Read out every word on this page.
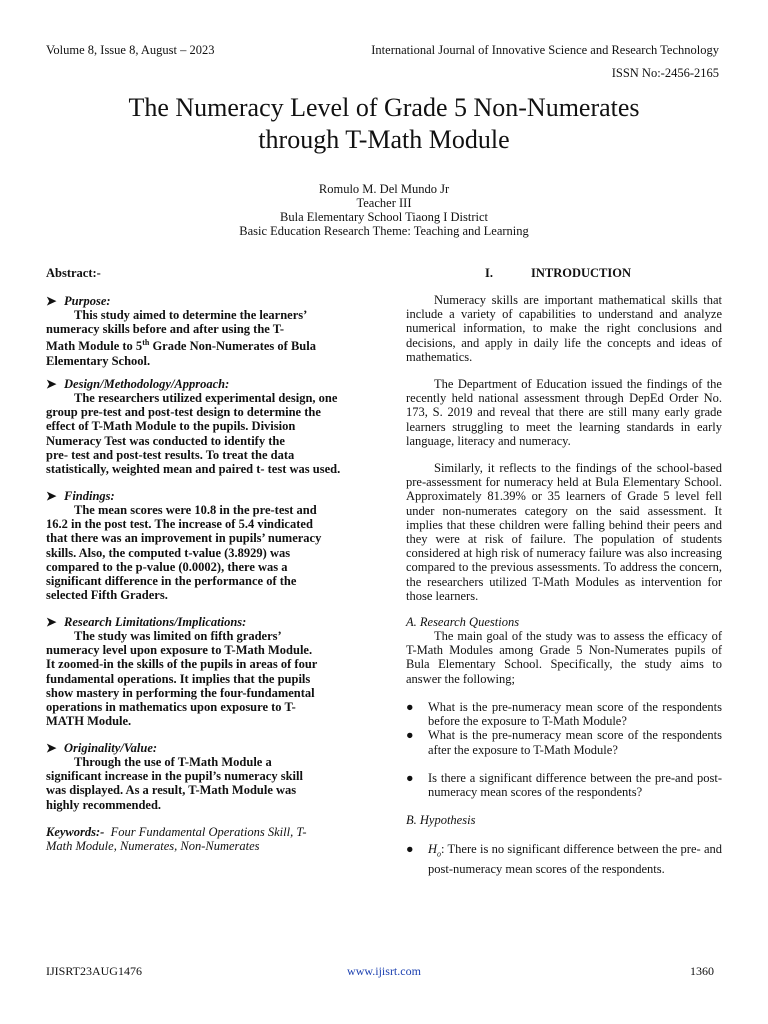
Volume 8, Issue 8, August – 2023	International Journal of Innovative Science and Research Technology
ISSN No:-2456-2165
The Numeracy Level of Grade 5 Non-Numerates
through T-Math Module
Romulo M. Del Mundo Jr
Teacher III
Bula Elementary School Tiaong I District
Basic Education Research Theme: Teaching and Learning
Abstract:-
➤ Purpose:
This study aimed to determine the learners’
numeracy skills before and after using the T-
Math Module to 5th Grade Non-Numerates of Bula
Elementary School.
➤ Design/Methodology/Approach:
The researchers utilized experimental design, one
group pre-test and post-test design to determine the
effect of T-Math Module to the pupils. Division
Numeracy Test was conducted to identify the
pre- test and post-test results. To treat the data
statistically, weighted mean and paired t- test was used.
➤ Findings:
The mean scores were 10.8 in the pre-test and
16.2 in the post test. The increase of 5.4 vindicated
that there was an improvement in pupils’ numeracy
skills. Also, the computed t-value (3.8929) was
compared to the p-value (0.0002), there was a
significant difference in the performance of the
selected Fifth Graders.
➤ Research Limitations/Implications:
The study was limited on fifth graders’
numeracy level upon exposure to T-Math Module.
It zoomed-in the skills of the pupils in areas of four
fundamental operations. It implies that the pupils
show mastery in performing the four-fundamental
operations in mathematics upon exposure to T-
MATH Module.
➤ Originality/Value:
Through the use of T-Math Module a
significant increase in the pupil’s numeracy skill
was displayed. As a result, T-Math Module was
highly recommended.
Keywords:- Four Fundamental Operations Skill, T-
Math Module, Numerates, Non-Numerates
I.	INTRODUCTION
Numeracy skills are important mathematical skills that include a variety of capabilities to understand and analyze numerical information, to make the right conclusions and decisions, and apply in daily life the concepts and ideas of mathematics.
The Department of Education issued the findings of the recently held national assessment through DepEd Order No. 173, S. 2019 and reveal that there are still many early grade learners struggling to meet the learning standards in early language, literacy and numeracy.
Similarly, it reflects to the findings of the school-based pre-assessment for numeracy held at Bula Elementary School. Approximately 81.39% or 35 learners of Grade 5 level fell under non-numerates category on the said assessment. It implies that these children were falling behind their peers and they were at risk of failure. The population of students considered at high risk of numeracy failure was also increasing compared to the previous assessments. To address the concern, the researchers utilized T-Math Modules as intervention for those learners.
A. Research Questions
The main goal of the study was to assess the efficacy of T-Math Modules among Grade 5 Non-Numerates pupils of Bula Elementary School. Specifically, the study aims to answer the following;
●	What is the pre-numeracy mean score of the respondents before the exposure to T-Math Module?
●	What is the pre-numeracy mean score of the respondents after the exposure to T-Math Module?
●	Is there a significant difference between the pre-and post-numeracy mean scores of the respondents?
B. Hypothesis
●	$H_o$: There is no significant difference between the pre- and post-numeracy mean scores of the respondents.
IJISRT23AUG1476	www.ijisrt.com	1360
